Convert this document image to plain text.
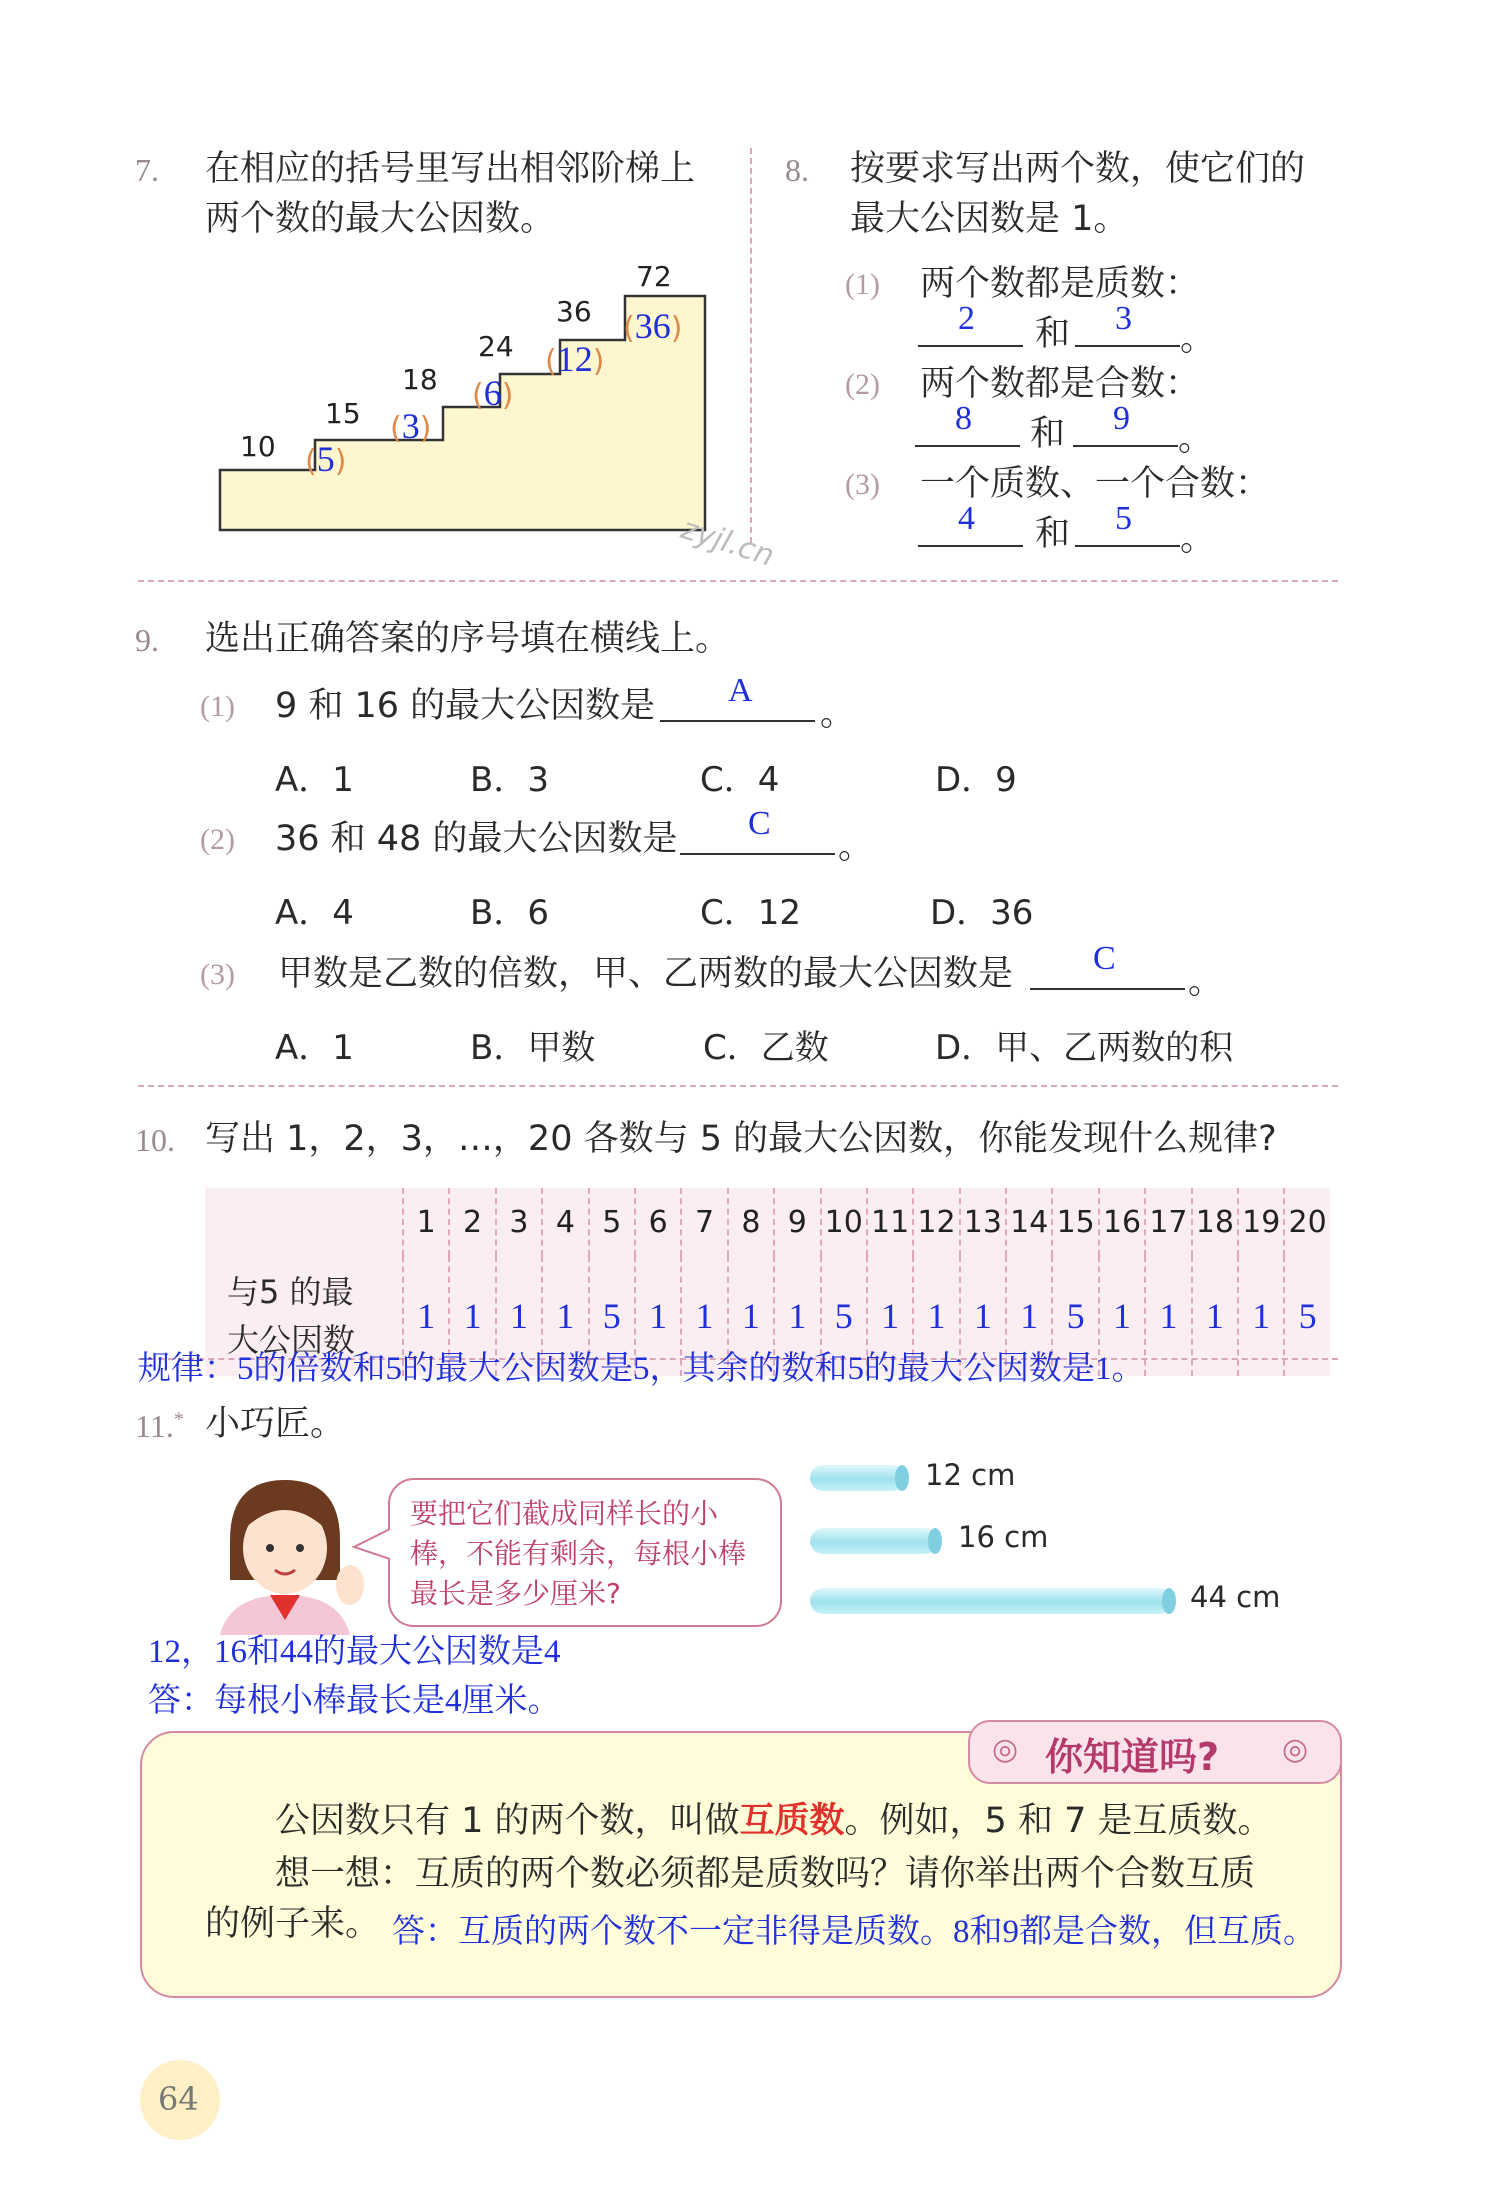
7. 在相应的括号里写出相邻阶梯上
两个数的最大公因数。
10
15
18
24
36
72
(5)
(3)
(6)
(12)
(36)
8. 按要求写出两个数，使它们的
最大公因数是 1。
(1) 两个数都是质数：
2 和 3
。
(2) 两个数都是合数：
8 和 9
。
(3) 一个质数、一个合数：
4 和 5
。
zyjl.cn
9. 选出正确答案的序号填在横线上。
(1) 9 和 16 的最大公因数是 A
。
A．1	B．3	C．4	D．9
(2) 36 和 48 的最大公因数是 C
。
A．4	B．6	C．12	D．36
(3) 甲数是乙数的倍数，甲、乙两数的最大公因数是 C
。
A．1	B．甲数	C．乙数	D．甲、乙两数的积
10. 写出 1，2，3，…，20 各数与 5 的最大公因数，你能发现什么规律?
	1	2	3	4	5	6	7	8	9	10	11	12	13	14	15	16	17	18	19	20

与5 的最
大公因数	1	1	1	1	5	1	1	1	1	5	1	1	1	1	5	1	1	1	1	5
规律：5的倍数和5的最大公因数是5，其余的数和5的最大公因数是1。
11.* 小巧匠。
要把它们截成同样长的小棒，不能有剩余，每根小棒最长是多少厘米?
12 cm
16 cm
44 cm
12，16和44的最大公因数是4
答：每根小棒最长是4厘米。
◎ 你知道吗? ◎
公因数只有 1 的两个数，叫做互质数。例如，5 和 7 是互质数。
想一想：互质的两个数必须都是质数吗？请你举出两个合数互质
的例子来。 答：互质的两个数不一定非得是质数。8和9都是合数，但互质。
64
